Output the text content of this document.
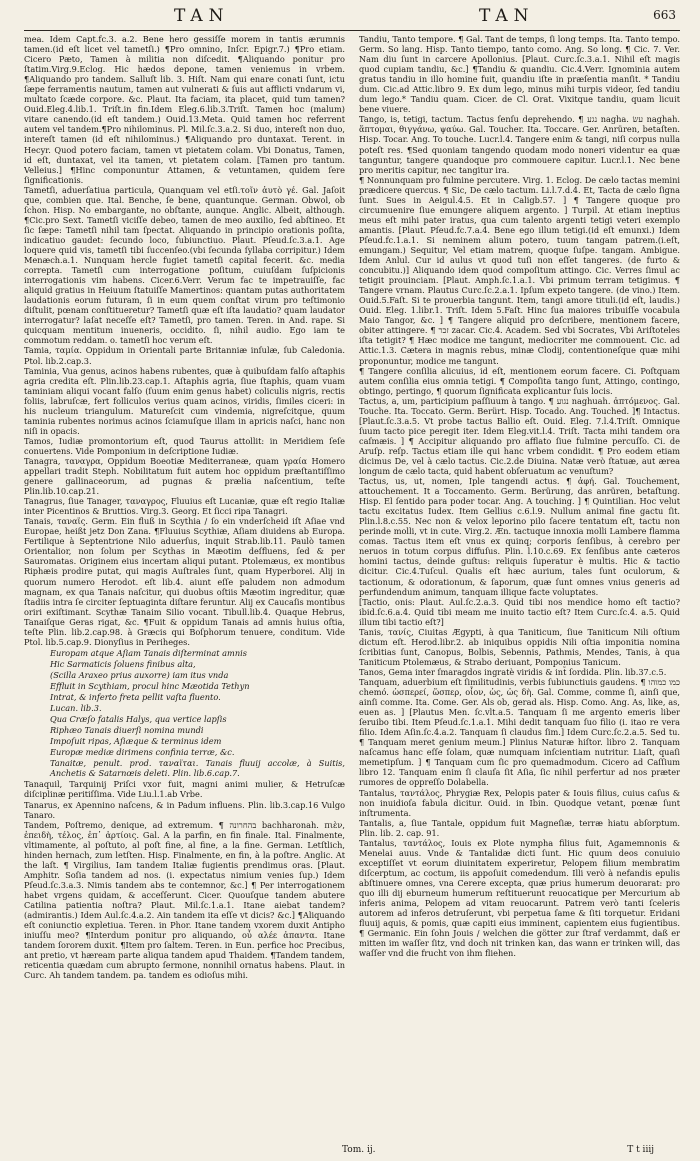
TAN	TAN	663

mea. Idem Capt.fc.3. a.2. Bene hero gessiſſe morem in tantis ærumnis tamen.(id eſt licet vel tametſi.) ¶Pro omnino, Inſcr. Epigr.7.) ¶Pro etiam. Cicero Pæto, Tamen à militia non diſcedit. ¶Aliquando ponitur pro ſtatim.Virg.9.Eclog. Hic hædos depone, tamen veniemus in vrbem. ¶Aliquando pro tandem. Salluſt lib. 3. Hiſt. Nam qui enare conati ſunt, ictu ſæpe ferramentis nautum, tamen aut vulnerati & ſuis aut afflicti vndarum vi, multato ſcæde corpore. &c. Plaut. Ita faciam, ita placet, quid tum tamen? Ouid.Eleg.4.lib.1. Triſt.in fin.Idem Eleg.6.lib.3.Triſt. Tamen hoc (malum) vitare canendo.(id eſt tandem.) Ouid.13.Meta. Quid tamen hoc referrent autem vel tandem.¶Pro nihilominus. Pl. Mil.ſc.3.a.2. Si duo, intereſt non duo, intereſt tamen (id eſt nihilominus.) ¶Aliquando pro duntaxat. Terent. in Hecyr. Quod potero faciam, tamen vt pietatem colam. Vbi Donatus, Tamen, id eſt, duntaxat, vel ita tamen, vt pietatem colam. [Tamen pro tantum. Velleius.] ¶Hinc componuntur Attamen, & vetuntamen, quidem ſere ſignificationis.

Tametſi, aduerſatiua particula, Quanquam vel etſi.τοῖν ἀυτὸ γέ. Gal. Jaſoit que, combien que. Ital. Benche, ſe bene, quantunque. German. Obwol, ob ſchon. Hisp. No embargante, no obſtante, aunque. Anglic. Albeit, although. ¶Cic.pro Sext. Tametſi viciſſe debeo, tamen de meo auxilio, ſed abſtineo. Et ſic ſæpe: Tametſi nihil tam ſpectat. Aliquando in principio orationis poſita, indicatiuo gaudet: ſecundo loco, ſubiunctiuo. Plaut. Pſeud.ſc.3.a.1. Age loquere quid vis, tametſi tibi ſuccenſeo.(vbi ſecunda ſyllaba corripitur.) Idem Menæch.a.1. Nunquam hercle fugiet tametſi capital fecerit. &c. media correpta. Tametſi cum interrogatione poſitum, cuiuſdam ſuſpicionis interrogationis vim habens. Cicer.6.Verr. Verum fac te impetrauiſſe, fac aliquid gratius in Heiuum ſtatuiſſe Mamertinos: quantam putas authoritatem laudationis eorum futuram, ſi in eum quem conſtat virum pro teſtimonio diſtulit, pœnam conſtitueretur? Tametſi quæ eſt iſta laudatio? quam laudator interrogatur? laſat neceſſe eſt? Tametſi, pro tamen. Teren. in And. rape. Si quicquam mentitum inueneris, occidito. ſi, nihil audio. Ego iam te commotum reddam. o. tametſi hoc verum eſt.

Tamia, ταμία. Oppidum in Orientali parte Britanniæ inſulæ, ſub Caledonia. Ptol. lib.2.cap.3.

Taminia, Vua genus, acinos habens rubentes, quæ à quibuſdam falſo aſtaphis agria credita eſt. Plin.lib.23.cap.1. Aſtaphis agria, ſiue ſtaphis, quam vuam taminiam aliqui vocant falſo (ſuum enim genus habet) coliculis nigris, rectis foliis, labruſcæ, fert folliculos verius quam acinos, viridis, ſimiles ciceri: in his nucleum triangulum. Matureſcit cum vindemia, nigreſcitque, quum taminia rubentes norimus acinos ſciamuſque illam in apricis naſci, hanc non niſi in opacis.

Tamos, Iudiæ promontorium eſt, quod Taurus attollit: in Meridiem ſeſe conuertens. Vide Pomponium in deſcriptione Iudiæ.

Tanagra, ταναγρα, Oppidum Boeotiæ Mediterraneæ, quam γραία Homero appellari tradit Steph. Nobilitatum fuit autem hoc oppidum præſtantiſſimo genere gallinaceorum, ad pugnas & prælia naſcentium, teſte Plin.lib.10.cap.21.

Tanagrus, ſiue Tanager, ταναγρος, Fluuius eſt Lucaniæ, quæ eſt regio Italiæ inter Picentinos & Bruttios. Virg.3. Georg. Et ſicci ripa Tanagri.

Tanais, ταναϊς. Germ. Ein fluß in Scythia / ſo ein vnderſcheid iſt Aſiae vnd Europae, heißt jetz Don Zana. ¶Fluuius Scythiæ, Aſiam diuidens ab Europa. Fertilique à Septentrione Nilo aduerſus, inquit Strab.lib.11. Paulò tamen Orientalior, non ſolum per Scythas in Mæotim deſfluens, ſed & per Sauromatas. Originem eius incertam aliqui putant. Ptolemæus, ex montibus Riphæis prodire putat, qui magis Auſtrales ſunt, quam Hyperborei. Alij in quorum numero Herodot. eſt lib.4. aiunt eſſe paludem non admodum magnam, ex qua Tanais naſcitur, qui duobus oſtiis Mæotim ingreditur, quæ ſtadiis intra ſe circiter ſeptuaginta diſtare feruntur. Alij ex Caucaſis montibus oriri exiſtimant. Scythæ Tanaim Silio vocant. Tibull.lib.4. Quaque Hebrus, Tanaiſque Geras rigat, &c. ¶Fuit & oppidum Tanais ad amnis huius oſtia, teſte Plin. lib.2.cap.98. à Græcis qui Boſphorum tenuere, conditum. Vide Ptol. lib.5.cap.9. Dionyſius in Periheges.

Europam atque Aſiam Tanais diſterminat amnis

Hic Sarmaticis ſoluens finibus alta,

(Scilla Araxeo prius auxorre) iam itus vnda

Effluit in Scythiam, procul hinc Mæotida Tethyn

Intrat, & inferto freta pellit vaſta fluento.

Lucan. lib.3.

Qua Cræſo fatalis Halys, qua vertice lapſis

Riphæo Tanais diuerſi nomina mundi

Impoſuit ripas, Aſiæque & terminus idem

Europæ mediæ dirimens confinia terræ, &c.

Tanaitæ, penult. prod. ταναϊται. Tanais fluuij accolæ, à Suitis, Anchetis & Satarnœis deleti. Plin. lib.6.cap.7.

Tanaquil, Tarquinij Priſci vxor fuit, magni animi mulier, & Hetruſcæ diſciplinæ peritiſſima. Vide Liu.l.1.ab Vrbe.

Tanarus, ex Apennino naſcens, & in Padum influens. Plin. lib.3.cap.16 Vulgo Tanaro.

Tandem, Poſtremo, denique, ad extremum. ¶ בהחרונה bachharonah. πιὲν, ἐπειδὴ, τέλος, ἐπ᾽ ἀρτίοις. Gal. A la parfin, en fin finale. Ital. Finalmente, vltimamente, al poſtuto, al poſt fine, al fine, a la fine. German. Letſtlich, hinden hernach, zum letſten. Hisp. Finalmente, en fin, à la poſtre. Anglic. At the laſt. ¶ Virgilius, Iam tandem Italiæ fugientis prendimus oras. [Plaut. Amphitr. Soſia tandem ad nos. (i. expectatus nimium venies ſup.) Idem Pſeud.ſc.3.a.3. Nimis tandem abs te contemnor, &c.] ¶ Per interrogationem habet vrgens quidam, & acceſſerunt. Cicer. Quouſque tandem abutere Catilina patientia noſtra? Plaut. Mil.ſc.1.a.1. Itane aiebat tandem? (admirantis.) Idem Aul.ſc.4.a.2. Ain tandem ita eſſe vt dicis? &c.] ¶Aliquando eſt coniunctio expletiua. Teren. in Phor. Itane tandem vxorem duxit Antipho iniuſſu meo? ¶Interdum ponitur pro aliquando, οὖ αλέε ἀπαντα. Itane tandem ſororem duxit. ¶Item pro ſaltem. Teren. in Eun. perfice hoc Precibus, ant pretio, vt hæream parte aliqua tandem apud Thaidem. ¶Tandem tandem, reticentia quædam cum abrupto ſermone, nonnihil ornatus habens. Plaut. in Curc. Ah tandem tandem. pa. tandem es odioſus mihi.

Tandiu, Tanto tempore. ¶ Gal. Tant de temps, ſi long temps. Ita. Tanto tempo. Germ. So lang. Hisp. Tanto tiempo, tanto como. Ang. So long. ¶ Cic. 7. Ver. Nam diu ſunt in carcere Apollonius. [Plaut. Curc.ſc.3.a.1. Nihil eſt magis quod cupiam tandiu, &c.] ¶Tandiu & quandiu. Cic.4.Verr. Ignominia autem gratus tandiu in illo homine fuit, quandiu iſte in præſentia manſit. * Tandiu dum. Cic.ad Attic.libro 9. Ex dum lego, minus mihi turpis videor, ſed tandiu dum lego.* Tandiu quam. Cicer. de Cl. Orat. Vixitque tandiu, quam licuit bene viuere.

Tango, is, tetigi, tactum. Tactus ſenſu deprehendo. ¶ נגע nagha. עשׂ naghah. ἅπτομαι, θιγγάνω, ψαύω. Gal. Toucher. Ita. Toccare. Ger. Anrüren, betaſten. Hisp. Tocar. Ang. To touche. Lucr.l.4. Tangere enim & tangi, niſi corpus nulla poteſt res. ¶Sed quoniam tangendo quodam modo noneri videntur ea quæ tanguntur, tangere quandoque pro commouere capitur. Lucr.l.1. Nec bene pro meritis capitur, nec tangitur ira.

¶ Nonnunquam pro fulmine percutere. Virg. 1. Eclog. De cælo tactas memini prædicere quercus. ¶ Sic, De cælo tactum. Li.l.7.d.4. Et, Tacta de cælo ſigna ſunt. Sues in Aeigul.4.5. Et in Caligb.57. ] ¶ Tangere quoque pro circumuenire ſiue emungere aliquem argento. ] Turpil. At etiam ineptius meus eſt mihi pater iratus, qua cum talento argenti tetigi veteri exemplo amantis. [Plaut. Pſeud.fc.7.a.4. Bene ego illum tetigi.(id eſt emunxi.) Idem Pſeud.fc.1.a.1. Si neminem alium potero, tuum tangam patrem.(i.eſt, emungam.) Sequitur, Vel etiam matrem, quoque ſuſpe. tangam. Ambigue. Idem Anlul. Cur id aulus vt quod tuſi non eſſet tangeres. (de furto & concubitu.)] Aliquando idem quod compoſitum attingo. Cic. Verres ſimul ac tetigit prouinciam. [Plaut. Amph.ſc.1.a.1. Vbi primum terram tetigimus. ¶ Tangere vrnam. Plautus Curc.ſc.2.a.1. Ipſum expeto tangere. (de vino.) Item. Ouid.5.Faſt. Si te prouerbia tangunt. Item, tangi amore tituli.(id eſt, laudis.) Ouid. Eleg. 1.libr.1. Triſt. Idem 5.Faſt. Hinc ſua maiores tribuiſſe vocabula Maio Tangor, &c. ] ¶ Tangere aliquid pro deſcribere, mentionem facere, obiter attingere. ¶ זכר zacar. Cic.4. Academ. Sed vbi Socrates, Vbi Ariſtoteles iſta tetigit? ¶ Hæc modice me tangunt, mediocriter me commouent. Cic. ad Attic.1.3. Cætera in magnis rebus, minæ Clodij, contentioneſque quæ mihi proponuntur, modice me tangunt.

¶ Tangere conſilia alicuius, id eſt, mentionem eorum facere. Ci. Poſtquam autem conſilia eius omnia tetigi. ¶ Compoſita tango ſunt, Attingo, contingo, obtingo, pertingo, ¶ quorum ſignificata explicantur ſuis locis.

Tactus, a, um, participium paſſiuum à tango. ¶ נגוע naghuah. ἁπτόμενος. Gal. Touche. Ita. Toccato. Germ. Berürt. Hisp. Tocado. Ang. Touched. ]¶ Intactus. [Plaut.ſc.3.a.5. Vt probe tactus Ballio eſt. Ouid. Eleg. 7.l.4.Triſt. Omnique ſuum tacto pice peregit iter. Idem Eleg.vit.l.4. Triſt. Tacta mihi tandem ora caſmæis. ] ¶ Accipitur aliquando pro afflato ſiue fulmine percuſſo. Ci. de Aruſp. reſp. Tactus etiam ille qui hanc vrbem condidit. ¶ Pro eodem etiam dicimus De, vel à cælo tactus. Cic.2.de Diuina. Natæ verò ſtatuæ, aut ærea longum de cælo tacta, quid habent obſeruatum ac venuſtum?

Tactus, us, ut, nomen, Iple tangendi actus. ¶ ἀφή. Gal. Touchement, attouchement. It a Toccamento. Germ. Berürung, das anrüren, betaſtung. Hisp. El ſentido para poder tocar. Ang. A touching. ] ¶ Quintilian. Hoc velut tactu excitatus Iudex. Item Gellius c.6.l.9. Nullum animal fine gactu ſit. Plin.l.8.c.55. Nec non & velox leporino pilo ſacere tentatum eſt, tactu non perinde molli, vt in cute. Virg.2. Æn. tactuque innoxia molli Lambere flamma comas. Tactus item eſt vnus ex quinq; corporis ſenſibus, à cerebro per neruos in totum corpus diffuſus. Plin. l.10.c.69. Ex ſenſibus ante cæteros homini tactus, deinde guſtus: reliquis ſuperatur è multis. Hic & tactio dicitur. Cic.4.Tuſcul. Qualis eſt hæc aurium, tales ſunt oculorum, & tactionum, & odorationum, & ſaporum, quæ ſunt omnes vnius generis ad perfundendum animum, tanquam illique facte voluptates.

[Tactio, onis: Plaut. Aul.ſc.2.a.3. Quid tibi nos mendice homo eſt tactio? ibid.ſc.6.a.4. Quid tibi meam me inuito tactio eſt? Item Curc.ſc.4. a.5. Quid illum tibi tactio eſt?]

Tanis, τανίς, Ciuitas Ægypti, à qua Taniticum, ſiue Taniticum Nili oſtium dictum eſt. Herod.libr.2. ab iniquibus oppidis Nili oſtia imponitia nomina ſcribitias ſunt, Canopus, Bolbis, Sebennis, Pathmis, Mendes, Tanis, à qua Taniticum Ptolemæus, & Strabo deriuant, Pomponius Tanicum.

Tanos, Gema inter ſmaragdos ingratè viridis & int̃ ſordida. Plin. lib.37.c.5.

Tanquam, aduerbium eſt ſimilitudinis, verbis ſubiunctiuis gaudens. ¶ כמו כמוהו chemó. ὡσπερεί, ὥσπερ, οἷον, ὡς, ὡς δὴ. Gal. Comme, comme ſi, ainſi que, ainſi comme. Ita. Come. Ger. Als ob, gerad als. Hisp. Como. Ang. As, like, as, euen as. ] [Plautus Men. ſc.vlt.a.5. Tanquam ſi me argento emeris liber ſeruibo tibi. Item Pſeud.ſc.1.a.1. Mihi dedit tanquam ſuo filio (i. itao re vera filio. Idem Aſin.ſc.4.a.2. Tanquam ſi claudus ſim.] Idem Curc.ſc.2.a.5. Sed tu. ¶ Tanquam meret genium meum.] Plinius Naturæ hiſtor. libro 2. Tanquam naſcamus hanc eſſe ſolam, quæ numquam inſcientiam nutritur. Liaſt, quaſi memetipſum. ] ¶ Tanquam cum ſic pro quemadmodum. Cicero ad Caſſium libro 12. Tanquam enim ſi clauſa ſit Aſia, ſic nihil perfertur ad nos præter rumores de oppreſſo Dolabella.

Tantalus, ταντάλος, Phrygiæ Rex, Pelopis pater & Iouis filius, cuius caſus & non inuidioſa fabula dicitur. Ouid. in Ibin. Quodque vetant, pœnæ ſunt inſtrumenta.

Tantalis, a, ſiue Tantale, oppidum fuit Magneſiæ, terræ hiatu abſorptum. Plin. lib. 2. cap. 91.

Tantalus, ταντάλος, Iouis ex Plote nympha filius fuit, Agamemnonis & Menelai auus. Vnde & Tantalidæ dicti ſunt. Hic quum deos conuiuio exceptiſſet vt eorum diuinitatem experiretur, Pelopem filium membratim diſcerptum, ac coctum, iis appoſuit comedendum. Illi verò à nefandis epulis abſtinuere omnes, vna Cerere excepta, quæ prius humerum deuorarat: pro quo illi dij eburneum humerum reſtituerunt reuocatique per Mercurium ab inferis anima, Pelopem ad vitam reuocarunt. Patrem verò tanti ſceleris autorem ad inferos detruſerunt, vbi perpetua ſame & ſiti torquetur. Eridani fluuij aquis, & pomis, quæ capiti eius imminent, capientem eius fugientibus. ¶ Germanic. Ein ſohn Jouis / welchen die götter zur ſtraf verdammt, daß er mitten im waſſer ſitz, vnd doch nit trinken kan, das wann er trinken will, das waſſer vnd die frucht von ihm fliehen.

Tom. ij.	T t iiij
